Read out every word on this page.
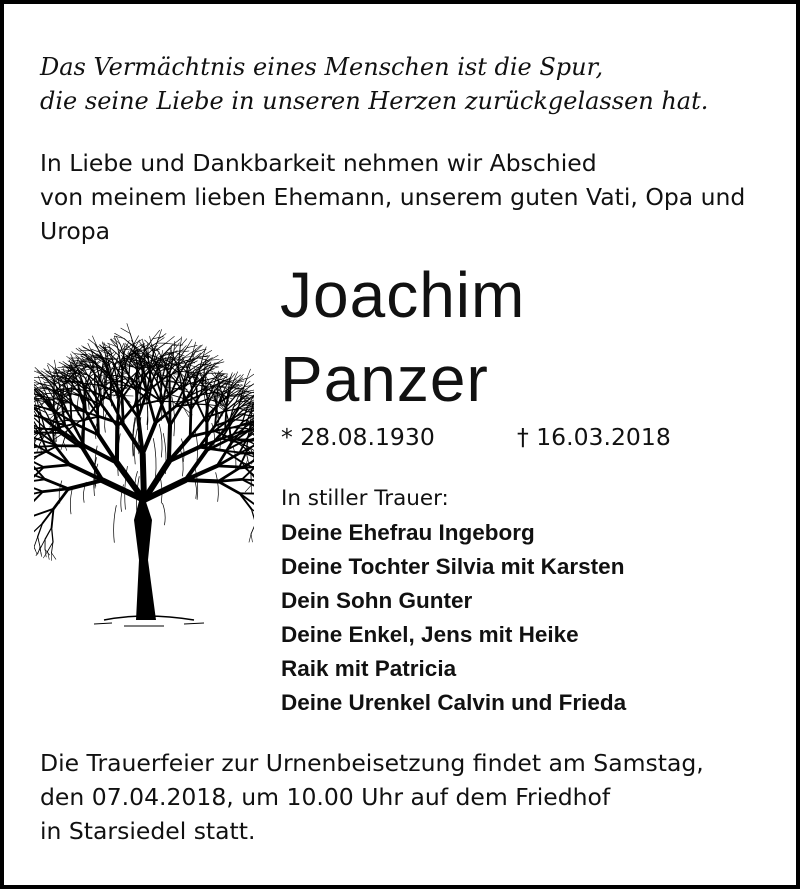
Das Vermächtnis eines Menschen ist die Spur,
die seine Liebe in unseren Herzen zurückgelassen hat.
In Liebe und Dankbarkeit nehmen wir Abschied
von meinem lieben Ehemann, unserem guten Vati, Opa und
Uropa
Joachim
Panzer
* 28.08.1930	† 16.03.2018
In stiller Trauer:
Deine Ehefrau Ingeborg
Deine Tochter Silvia mit Karsten
Dein Sohn Gunter
Deine Enkel, Jens mit Heike
Raik mit Patricia
Deine Urenkel Calvin und Frieda
Die Trauerfeier zur Urnenbeisetzung findet am Samstag,
den 07.04.2018, um 10.00 Uhr auf dem Friedhof
in Starsiedel statt.
